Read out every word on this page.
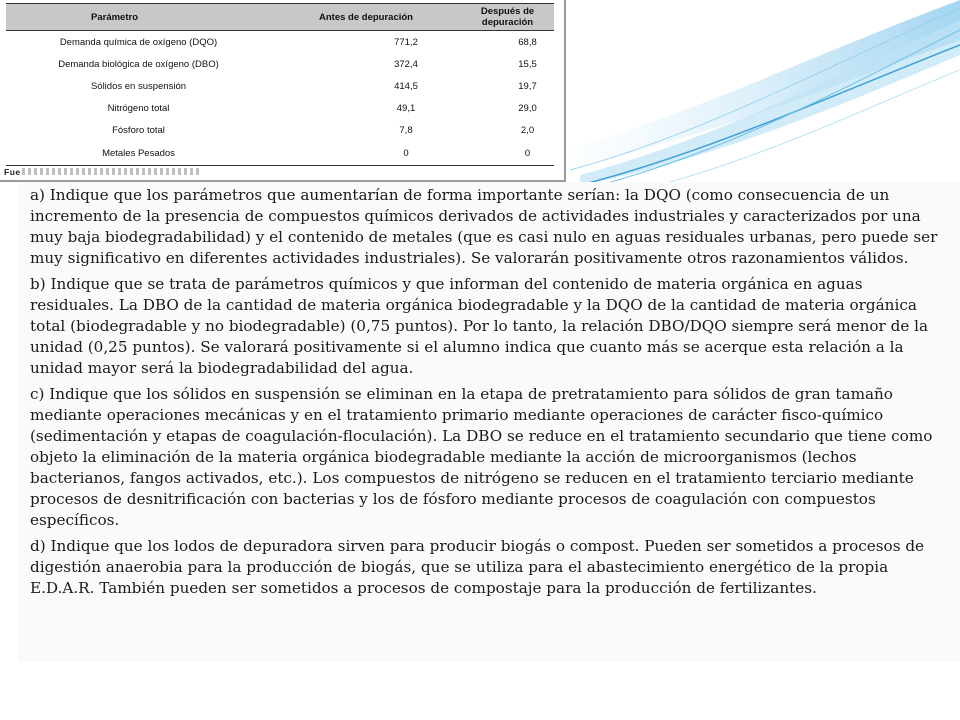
Parámetro	Antes de depuración	Después de depuración
Demanda química de oxígeno (DQO)	771,2	68,8
Demanda biológica de oxígeno (DBO)	372,4	15,5
Sólidos en suspensión	414,5	19,7
Nitrógeno total	49,1	29,0
Fósforo total	7,8	2,0
Metales Pesados	0	0
Fue

a) Indique que los parámetros que aumentarían de forma importante serían: la DQO (como consecuencia de un incremento de la presencia de compuestos químicos derivados de actividades industriales y caracterizados por una muy baja biodegradabilidad) y el contenido de metales (que es casi nulo en aguas residuales urbanas, pero puede ser muy significativo en diferentes actividades industriales). Se valorarán positivamente otros razonamientos válidos.

b) Indique que se trata de parámetros químicos y que informan del contenido de materia orgánica en aguas residuales. La DBO de la cantidad de materia orgánica biodegradable y la DQO de la cantidad de materia orgánica total (biodegradable y no biodegradable) (0,75 puntos). Por lo tanto, la relación DBO/DQO siempre será menor de la unidad (0,25 puntos). Se valorará positivamente si el alumno indica que cuanto más se acerque esta relación a la unidad mayor será la biodegradabilidad del agua.

c) Indique que los sólidos en suspensión se eliminan en la etapa de pretratamiento para sólidos de gran tamaño mediante operaciones mecánicas y en el tratamiento primario mediante operaciones de carácter fisco-químico (sedimentación y etapas de coagulación-floculación). La DBO se reduce en el tratamiento secundario que tiene como objeto la eliminación de la materia orgánica biodegradable mediante la acción de microorganismos (lechos bacterianos, fangos activados, etc.). Los compuestos de nitrógeno se reducen en el tratamiento terciario mediante procesos de desnitrificación con bacterias y los de fósforo mediante procesos de coagulación con compuestos específicos.

d) Indique que los lodos de depuradora sirven para producir biogás o compost. Pueden ser sometidos a procesos de digestión anaerobia para la producción de biogás, que se utiliza para el abastecimiento energético de la propia E.D.A.R. También pueden ser sometidos a procesos de compostaje para la producción de fertilizantes.
